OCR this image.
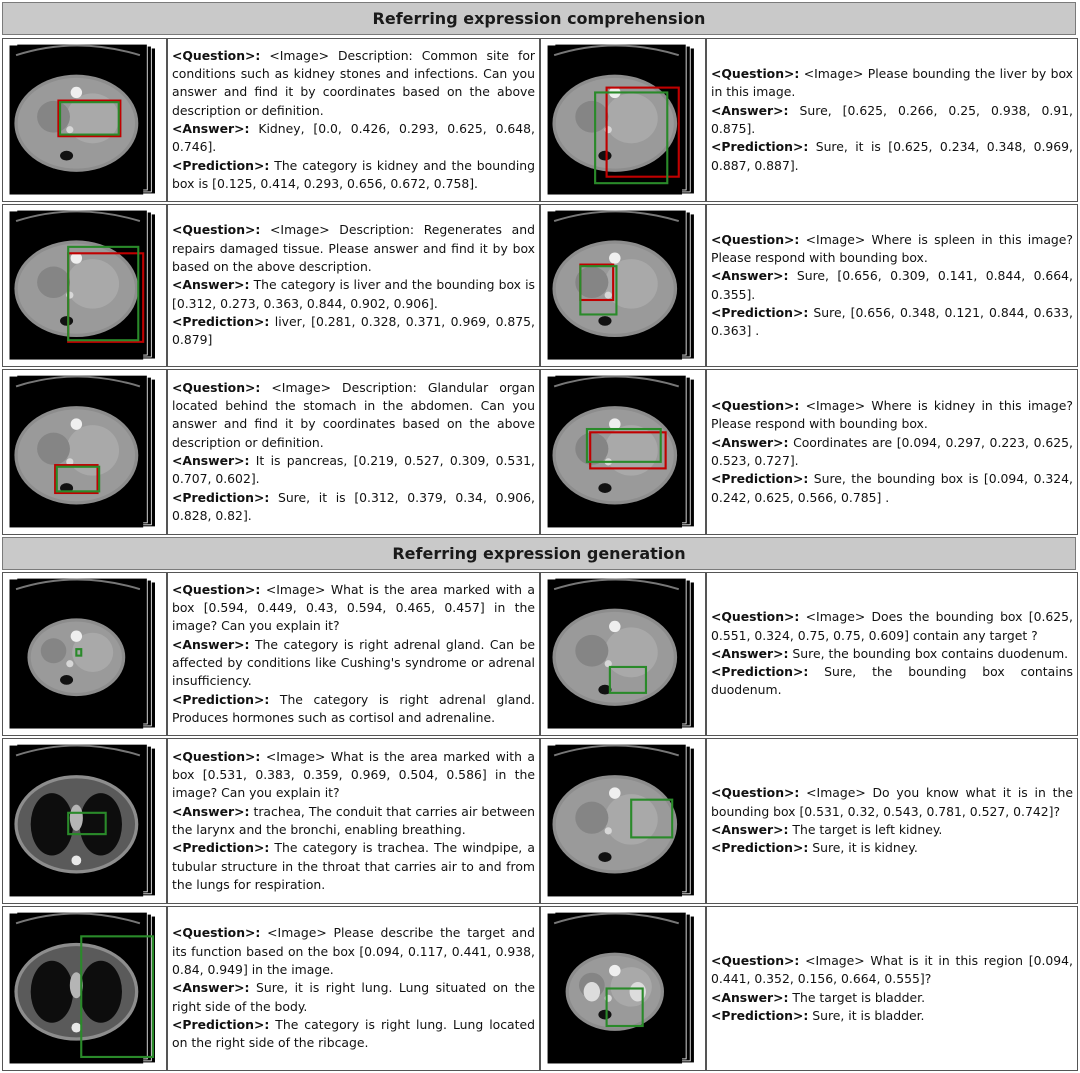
Referring expression comprehension

<Question>: <Image> Description: Common site for conditions such as kidney stones and infections. Can you answer and find it by coordinates based on the above description or definition.

<Answer>: Kidney, [0.0, 0.426, 0.293, 0.625, 0.648, 0.746].

<Prediction>: The category is kidney and the bounding box is [0.125, 0.414, 0.293, 0.656, 0.672, 0.758].

<Question>: <Image> Please bounding the liver by box in this image.

<Answer>: Sure, [0.625, 0.266, 0.25, 0.938, 0.91, 0.875].

<Prediction>: Sure, it is [0.625, 0.234, 0.348, 0.969, 0.887, 0.887].

<Question>: <Image> Description: Regenerates and repairs damaged tissue. Please answer and find it by box based on the above description.

<Answer>: The category is liver and the bounding box is [0.312, 0.273, 0.363, 0.844, 0.902, 0.906].

<Prediction>: liver, [0.281, 0.328, 0.371, 0.969, 0.875, 0.879]

<Question>: <Image> Where is spleen in this image? Please respond with bounding box.

<Answer>: Sure, [0.656, 0.309, 0.141, 0.844, 0.664, 0.355].

<Prediction>: Sure, [0.656, 0.348, 0.121, 0.844, 0.633, 0.363] .

<Question>: <Image> Description: Glandular organ located behind the stomach in the abdomen. Can you answer and find it by coordinates based on the above description or definition.

<Answer>: It is pancreas, [0.219, 0.527, 0.309, 0.531, 0.707, 0.602].

<Prediction>: Sure, it is [0.312, 0.379, 0.34, 0.906, 0.828, 0.82].

<Question>: <Image> Where is kidney in this image? Please respond with bounding box.

<Answer>: Coordinates are [0.094, 0.297, 0.223, 0.625, 0.523, 0.727].

<Prediction>: Sure, the bounding box is [0.094, 0.324, 0.242, 0.625, 0.566, 0.785] .

Referring expression generation

<Question>: <Image> What is the area marked with a box [0.594, 0.449, 0.43, 0.594, 0.465, 0.457] in the image? Can you explain it?

<Answer>: The category is right adrenal gland. Can be affected by conditions like Cushing's syndrome or adrenal insufficiency.

<Prediction>: The category is right adrenal gland. Produces hormones such as cortisol and adrenaline.

<Question>: <Image> Does the bounding box [0.625, 0.551, 0.324, 0.75, 0.75, 0.609] contain any target ?

<Answer>: Sure, the bounding box contains duodenum.

<Prediction>: Sure, the bounding box contains duodenum.

<Question>: <Image> What is the area marked with a box [0.531, 0.383, 0.359, 0.969, 0.504, 0.586] in the image? Can you explain it?

<Answer>: trachea, The conduit that carries air between the larynx and the bronchi, enabling breathing.

<Prediction>: The category is trachea. The windpipe, a tubular structure in the throat that carries air to and from the lungs for respiration.

<Question>: <Image> Do you know what it is in the bounding box [0.531, 0.32, 0.543, 0.781, 0.527, 0.742]?

<Answer>: The target is left kidney.

<Prediction>: Sure, it is kidney.

<Question>: <Image> Please describe the target and its function based on the box [0.094, 0.117, 0.441, 0.938, 0.84, 0.949] in the image.

<Answer>: Sure, it is right lung. Lung situated on the right side of the body.

<Prediction>: The category is right lung. Lung located on the right side of the ribcage.

<Question>: <Image> What is it in this region [0.094, 0.441, 0.352, 0.156, 0.664, 0.555]?

<Answer>: The target is bladder.

<Prediction>: Sure, it is bladder.
